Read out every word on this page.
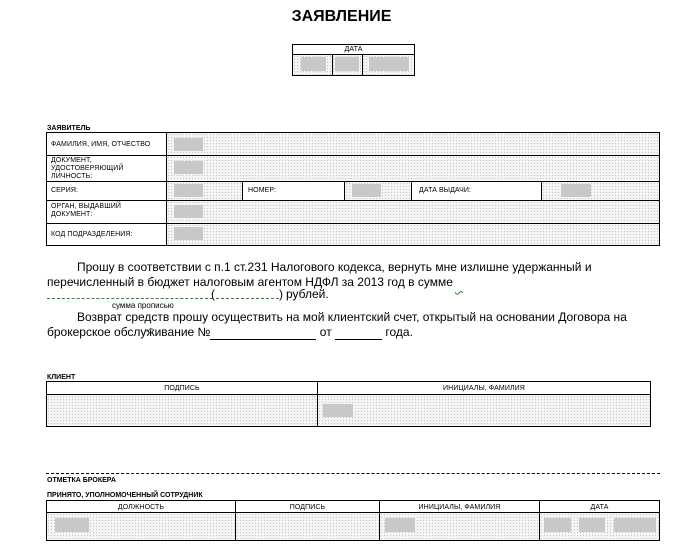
ЗАЯВЛЕНИЕ
ДАТА
ЗАЯВИТЕЛЬ
ФАМИЛИЯ, ИМЯ, ОТЧЕСТВО
ДОКУМЕНТ, УДОСТОВЕРЯЮЩИЙ ЛИЧНОСТЬ:
СЕРИЯ:	НОМЕР:	ДАТА ВЫДАЧИ:
ОРГАН, ВЫДАВШИЙ ДОКУМЕНТ:
КОД ПОДРАЗДЕЛЕНИЯ:
Прошу в соответствии с п.1 ст.231 Налогового кодекса, вернуть мне излишне удержанный и
перечисленный в бюджет налоговым агентом НДФЛ за 2013 год в сумме
(	) рублей.
сумма прописью
Возврат средств прошу осуществить на мой клиентский счет, открытый на основании Договора на
брокерское обслуживание №	от	года.
КЛИЕНТ
ПОДПИСЬ	ИНИЦИАЛЫ, ФАМИЛИЯ
ОТМЕТКА БРОКЕРА
ПРИНЯТО, УПОЛНОМОЧЕННЫЙ СОТРУДНИК
ДОЛЖНОСТЬ	ПОДПИСЬ	ИНИЦИАЛЫ, ФАМИЛИЯ	ДАТА
